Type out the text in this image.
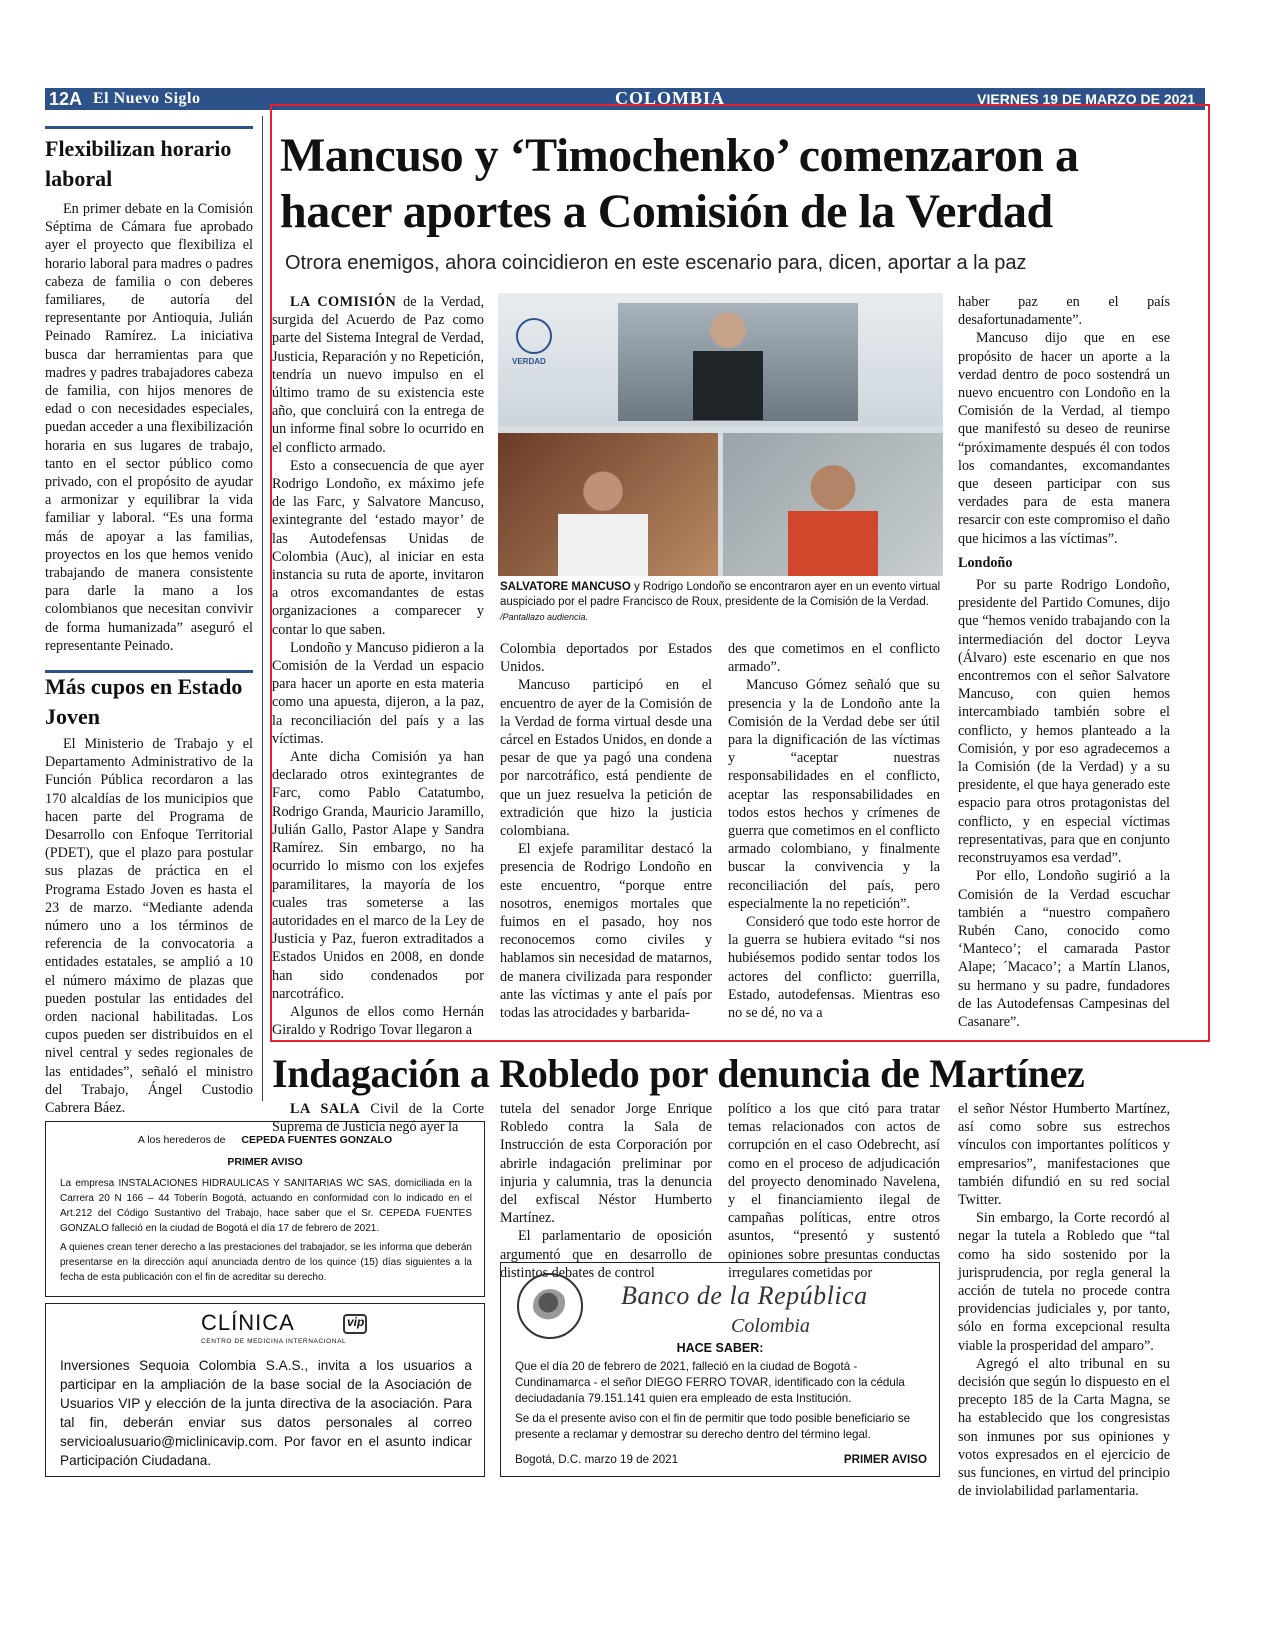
12A El Nuevo Siglo	COLOMBIA	VIERNES 19 DE MARZO DE 2021
Flexibilizan horario laboral

En primer debate en la Comisión Séptima de Cámara fue aprobado ayer el proyecto que flexibiliza el horario laboral para madres o padres cabeza de familia o con deberes familiares, de autoría del representante por Antioquia, Julián Peinado Ramírez. La iniciativa busca dar herramientas para que madres y padres trabajadores cabeza de familia, con hijos menores de edad o con necesidades especiales, puedan acceder a una flexibilización horaria en sus lugares de trabajo, tanto en el sector público como privado, con el propósito de ayudar a armonizar y equilibrar la vida familiar y laboral. “Es una forma más de apoyar a las familias, proyectos en los que hemos venido trabajando de manera consistente para darle la mano a los colombianos que necesitan convivir de forma humanizada” aseguró el representante Peinado.

Más cupos en Estado Joven

El Ministerio de Trabajo y el Departamento Administrativo de la Función Pública recordaron a las 170 alcaldías de los municipios que hacen parte del Programa de Desarrollo con Enfoque Territorial (PDET), que el plazo para postular sus plazas de práctica en el Programa Estado Joven es hasta el 23 de marzo. “Mediante adenda número uno a los términos de referencia de la convocatoria a entidades estatales, se amplió a 10 el número máximo de plazas que pueden postular las entidades del orden nacional habilitadas. Los cupos pueden ser distribuidos en el nivel central y sedes regionales de las entidades”, señaló el ministro del Trabajo, Ángel Custodio Cabrera Báez.

Mancuso y ‘Timochenko’ comenzaron a hacer aportes a Comisión de la Verdad
Otrora enemigos, ahora coincidieron en este escenario para, dicen, aportar a la paz

LA COMISIÓN de la Verdad, surgida del Acuerdo de Paz como parte del Sistema Integral de Verdad, Justicia, Reparación y no Repetición, tendría un nuevo impulso en el último tramo de su existencia este año, que concluirá con la entrega de un informe final sobre lo ocurrido en el conflicto armado.

Esto a consecuencia de que ayer Rodrigo Londoño, ex máximo jefe de las Farc, y Salvatore Mancuso, exintegrante del ‘estado mayor’ de las Autodefensas Unidas de Colombia (Auc), al iniciar en esta instancia su ruta de aporte, invitaron a otros excomandantes de estas organizaciones a comparecer y contar lo que saben.

Londoño y Mancuso pidieron a la Comisión de la Verdad un espacio para hacer un aporte en esta materia como una apuesta, dijeron, a la paz, la reconciliación del país y a las víctimas.

Ante dicha Comisión ya han declarado otros exintegrantes de Farc, como Pablo Catatumbo, Rodrigo Granda, Mauricio Jaramillo, Julián Gallo, Pastor Alape y Sandra Ramírez. Sin embargo, no ha ocurrido lo mismo con los exjefes paramilitares, la mayoría de los cuales tras someterse a las autoridades en el marco de la Ley de Justicia y Paz, fueron extraditados a Estados Unidos en 2008, en donde han sido condenados por narcotráfico.

Algunos de ellos como Hernán Giraldo y Rodrigo Tovar llegaron a

VERDAD
SALVATORE MANCUSO y Rodrigo Londoño se encontraron ayer en un evento virtual auspiciado por el padre Francisco de Roux, presidente de la Comisión de la Verdad. /Pantallazo audiencia.

Colombia deportados por Estados Unidos.

Mancuso participó en el encuentro de ayer de la Comisión de la Verdad de forma virtual desde una cárcel en Estados Unidos, en donde a pesar de que ya pagó una condena por narcotráfico, está pendiente de que un juez resuelva la petición de extradición que hizo la justicia colombiana.

El exjefe paramilitar destacó la presencia de Rodrigo Londoño en este encuentro, “porque entre nosotros, enemigos mortales que fuimos en el pasado, hoy nos reconocemos como civiles y hablamos sin necesidad de matarnos, de manera civilizada para responder ante las víctimas y ante el país por todas las atrocidades y barbarida-

des que cometimos en el conflicto armado”.

Mancuso Gómez señaló que su presencia y la de Londoño ante la Comisión de la Verdad debe ser útil para la dignificación de las víctimas y “aceptar nuestras responsabilidades en el conflicto, aceptar las responsabilidades en todos estos hechos y crímenes de guerra que cometimos en el conflicto armado colombiano, y finalmente buscar la convivencia y la reconciliación del país, pero especialmente la no repetición”.

Consideró que todo este horror de la guerra se hubiera evitado “si nos hubiésemos podido sentar todos los actores del conflicto: guerrilla, Estado, autodefensas. Mientras eso no se dé, no va a

haber paz en el país desafortunadamente”.

Mancuso dijo que en ese propósito de hacer un aporte a la verdad dentro de poco sostendrá un nuevo encuentro con Londoño en la Comisión de la Verdad, al tiempo que manifestó su deseo de reunirse “próximamente después él con todos los comandantes, excomandantes que deseen participar con sus verdades para de esta manera resarcir con este compromiso el daño que hicimos a las víctimas”.

Londoño

Por su parte Rodrigo Londoño, presidente del Partido Comunes, dijo que “hemos venido trabajando con la intermediación del doctor Leyva (Álvaro) este escenario en que nos encontremos con el señor Salvatore Mancuso, con quien hemos intercambiado también sobre el conflicto, y hemos planteado a la Comisión, y por eso agradecemos a la Comisión (de la Verdad) y a su presidente, el que haya generado este espacio para otros protagonistas del conflicto, y en especial víctimas representativas, para que en conjunto reconstruyamos esa verdad”.

Por ello, Londoño sugirió a la Comisión de la Verdad escuchar también a “nuestro compañero Rubén Cano, conocido como ‘Manteco’; el camarada Pastor Alape; ´Macaco’; a Martín Llanos, su hermano y su padre, fundadores de las Autodefensas Campesinas del Casanare”.

Indagación a Robledo por denuncia de Martínez

LA SALA Civil de la Corte Suprema de Justicia negó ayer la

tutela del senador Jorge Enrique Robledo contra la Sala de Instrucción de esta Corporación por abrirle indagación preliminar por injuria y calumnia, tras la denuncia del exfiscal Néstor Humberto Martínez.

El parlamentario de oposición argumentó que en desarrollo de distintos debates de control

político a los que citó para tratar temas relacionados con actos de corrupción en el caso Odebrecht, así como en el proceso de adjudicación del proyecto denominado Navelena, y el financiamiento ilegal de campañas políticas, entre otros asuntos, “presentó y sustentó opiniones sobre presuntas conductas irregulares cometidas por

el señor Néstor Humberto Martínez, así como sobre sus estrechos vínculos con importantes políticos y empresarios”, manifestaciones que también difundió en su red social Twitter.

Sin embargo, la Corte recordó al negar la tutela a Robledo que “tal como ha sido sostenido por la jurisprudencia, por regla general la acción de tutela no procede contra providencias judiciales y, por tanto, sólo en forma excepcional resulta viable la prosperidad del amparo”.

Agregó el alto tribunal en su decisión que según lo dispuesto en el precepto 185 de la Carta Magna, se ha establecido que los congresistas son inmunes por sus opiniones y votos expresados en el ejercicio de sus funciones, en virtud del principio de inviolabilidad parlamentaria.

A los herederos de CEPEDA FUENTES GONZALO
PRIMER AVISO
La empresa INSTALACIONES HIDRAULICAS Y SANITARIAS WC SAS, domiciliada en la Carrera 20 N 166 – 44 Toberín Bogotá, actuando en conformidad con lo indicado en el Art.212 del Código Sustantivo del Trabajo, hace saber que el Sr. CEPEDA FUENTES GONZALO falleció en la ciudad de Bogotá el día 17 de febrero de 2021.
A quienes crean tener derecho a las prestaciones del trabajador, se les informa que deberán presentarse en la dirección aquí anunciada dentro de los quince (15) días siguientes a la fecha de esta publicación con el fin de acreditar su derecho.
CLÍNICA	vip
CENTRO DE MEDICINA INTERNACIONAL
Inversiones Sequoia Colombia S.A.S., invita a los usuarios a participar en la ampliación de la base social de la Asociación de Usuarios VIP y elección de la junta directiva de la asociación. Para tal fin, deberán enviar sus datos personales al correo servicioalusuario@miclinicavip.com. Por favor en el asunto indicar Participación Ciudadana.
Banco de la República
Colombia
HACE SABER:
Que el día 20 de febrero de 2021, falleció en la ciudad de Bogotá - Cundinamarca - el señor DIEGO FERRO TOVAR, identificado con la cédula deciudadanía 79.151.141 quien era empleado de esta Institución.
Se da el presente aviso con el fin de permitir que todo posible beneficiario se presente a reclamar y demostrar su derecho dentro del término legal.
Bogotá, D.C. marzo 19 de 2021	PRIMER AVISO
